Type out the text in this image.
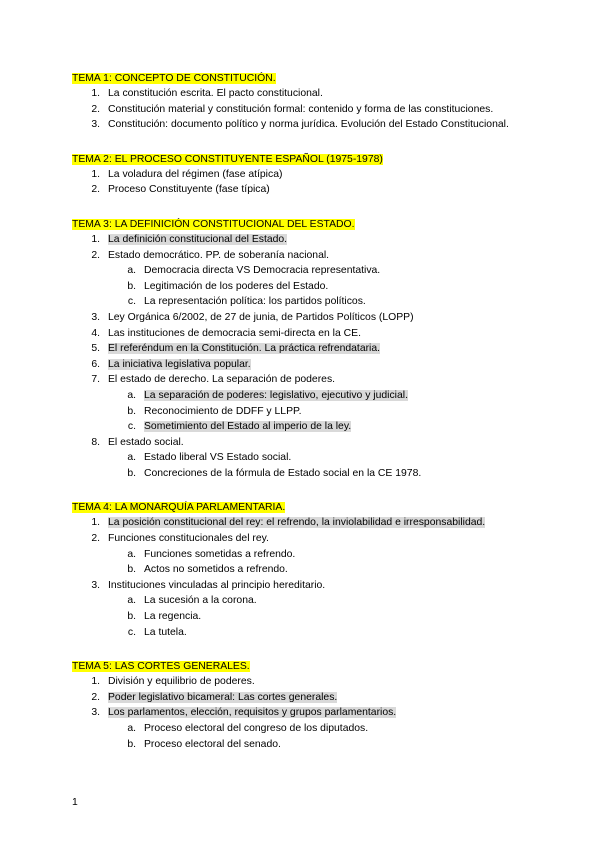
TEMA 1: CONCEPTO DE CONSTITUCIÓN.
1. La constitución escrita. El pacto constitucional.
2. Constitución material y constitución formal: contenido y forma de las constituciones.
3. Constitución: documento político y norma jurídica. Evolución del Estado Constitucional.
TEMA 2: EL PROCESO CONSTITUYENTE ESPAÑOL (1975-1978)
1. La voladura del régimen (fase atípica)
2. Proceso Constituyente (fase típica)
TEMA 3: LA DEFINICIÓN CONSTITUCIONAL DEL ESTADO.
1. La definición constitucional del Estado.
2. Estado democrático. PP. de soberanía nacional.
a. Democracia directa VS Democracia representativa.
b. Legitimación de los poderes del Estado.
c. La representación política: los partidos políticos.
3. Ley Orgánica 6/2002, de 27 de junia, de Partidos Políticos (LOPP)
4. Las instituciones de democracia semi-directa en la CE.
5. El referéndum en la Constitución. La práctica refrendataria.
6. La iniciativa legislativa popular.
7. El estado de derecho. La separación de poderes.
a. La separación de poderes: legislativo, ejecutivo y judicial.
b. Reconocimiento de DDFF y LLPP.
c. Sometimiento del Estado al imperio de la ley.
8. El estado social.
a. Estado liberal VS Estado social.
b. Concreciones de la fórmula de Estado social en la CE 1978.
TEMA 4: LA MONARQUÍA PARLAMENTARIA.
1. La posición constitucional del rey: el refrendo, la inviolabilidad e irresponsabilidad.
2. Funciones constitucionales del rey.
a. Funciones sometidas a refrendo.
b. Actos no sometidos a refrendo.
3. Instituciones vinculadas al principio hereditario.
a. La sucesión a la corona.
b. La regencia.
c. La tutela.
TEMA 5: LAS CORTES GENERALES.
1. División y equilibrio de poderes.
2. Poder legislativo bicameral: Las cortes generales.
3. Los parlamentos, elección, requisitos y grupos parlamentarios.
a. Proceso electoral del congreso de los diputados.
b. Proceso electoral del senado.
1
